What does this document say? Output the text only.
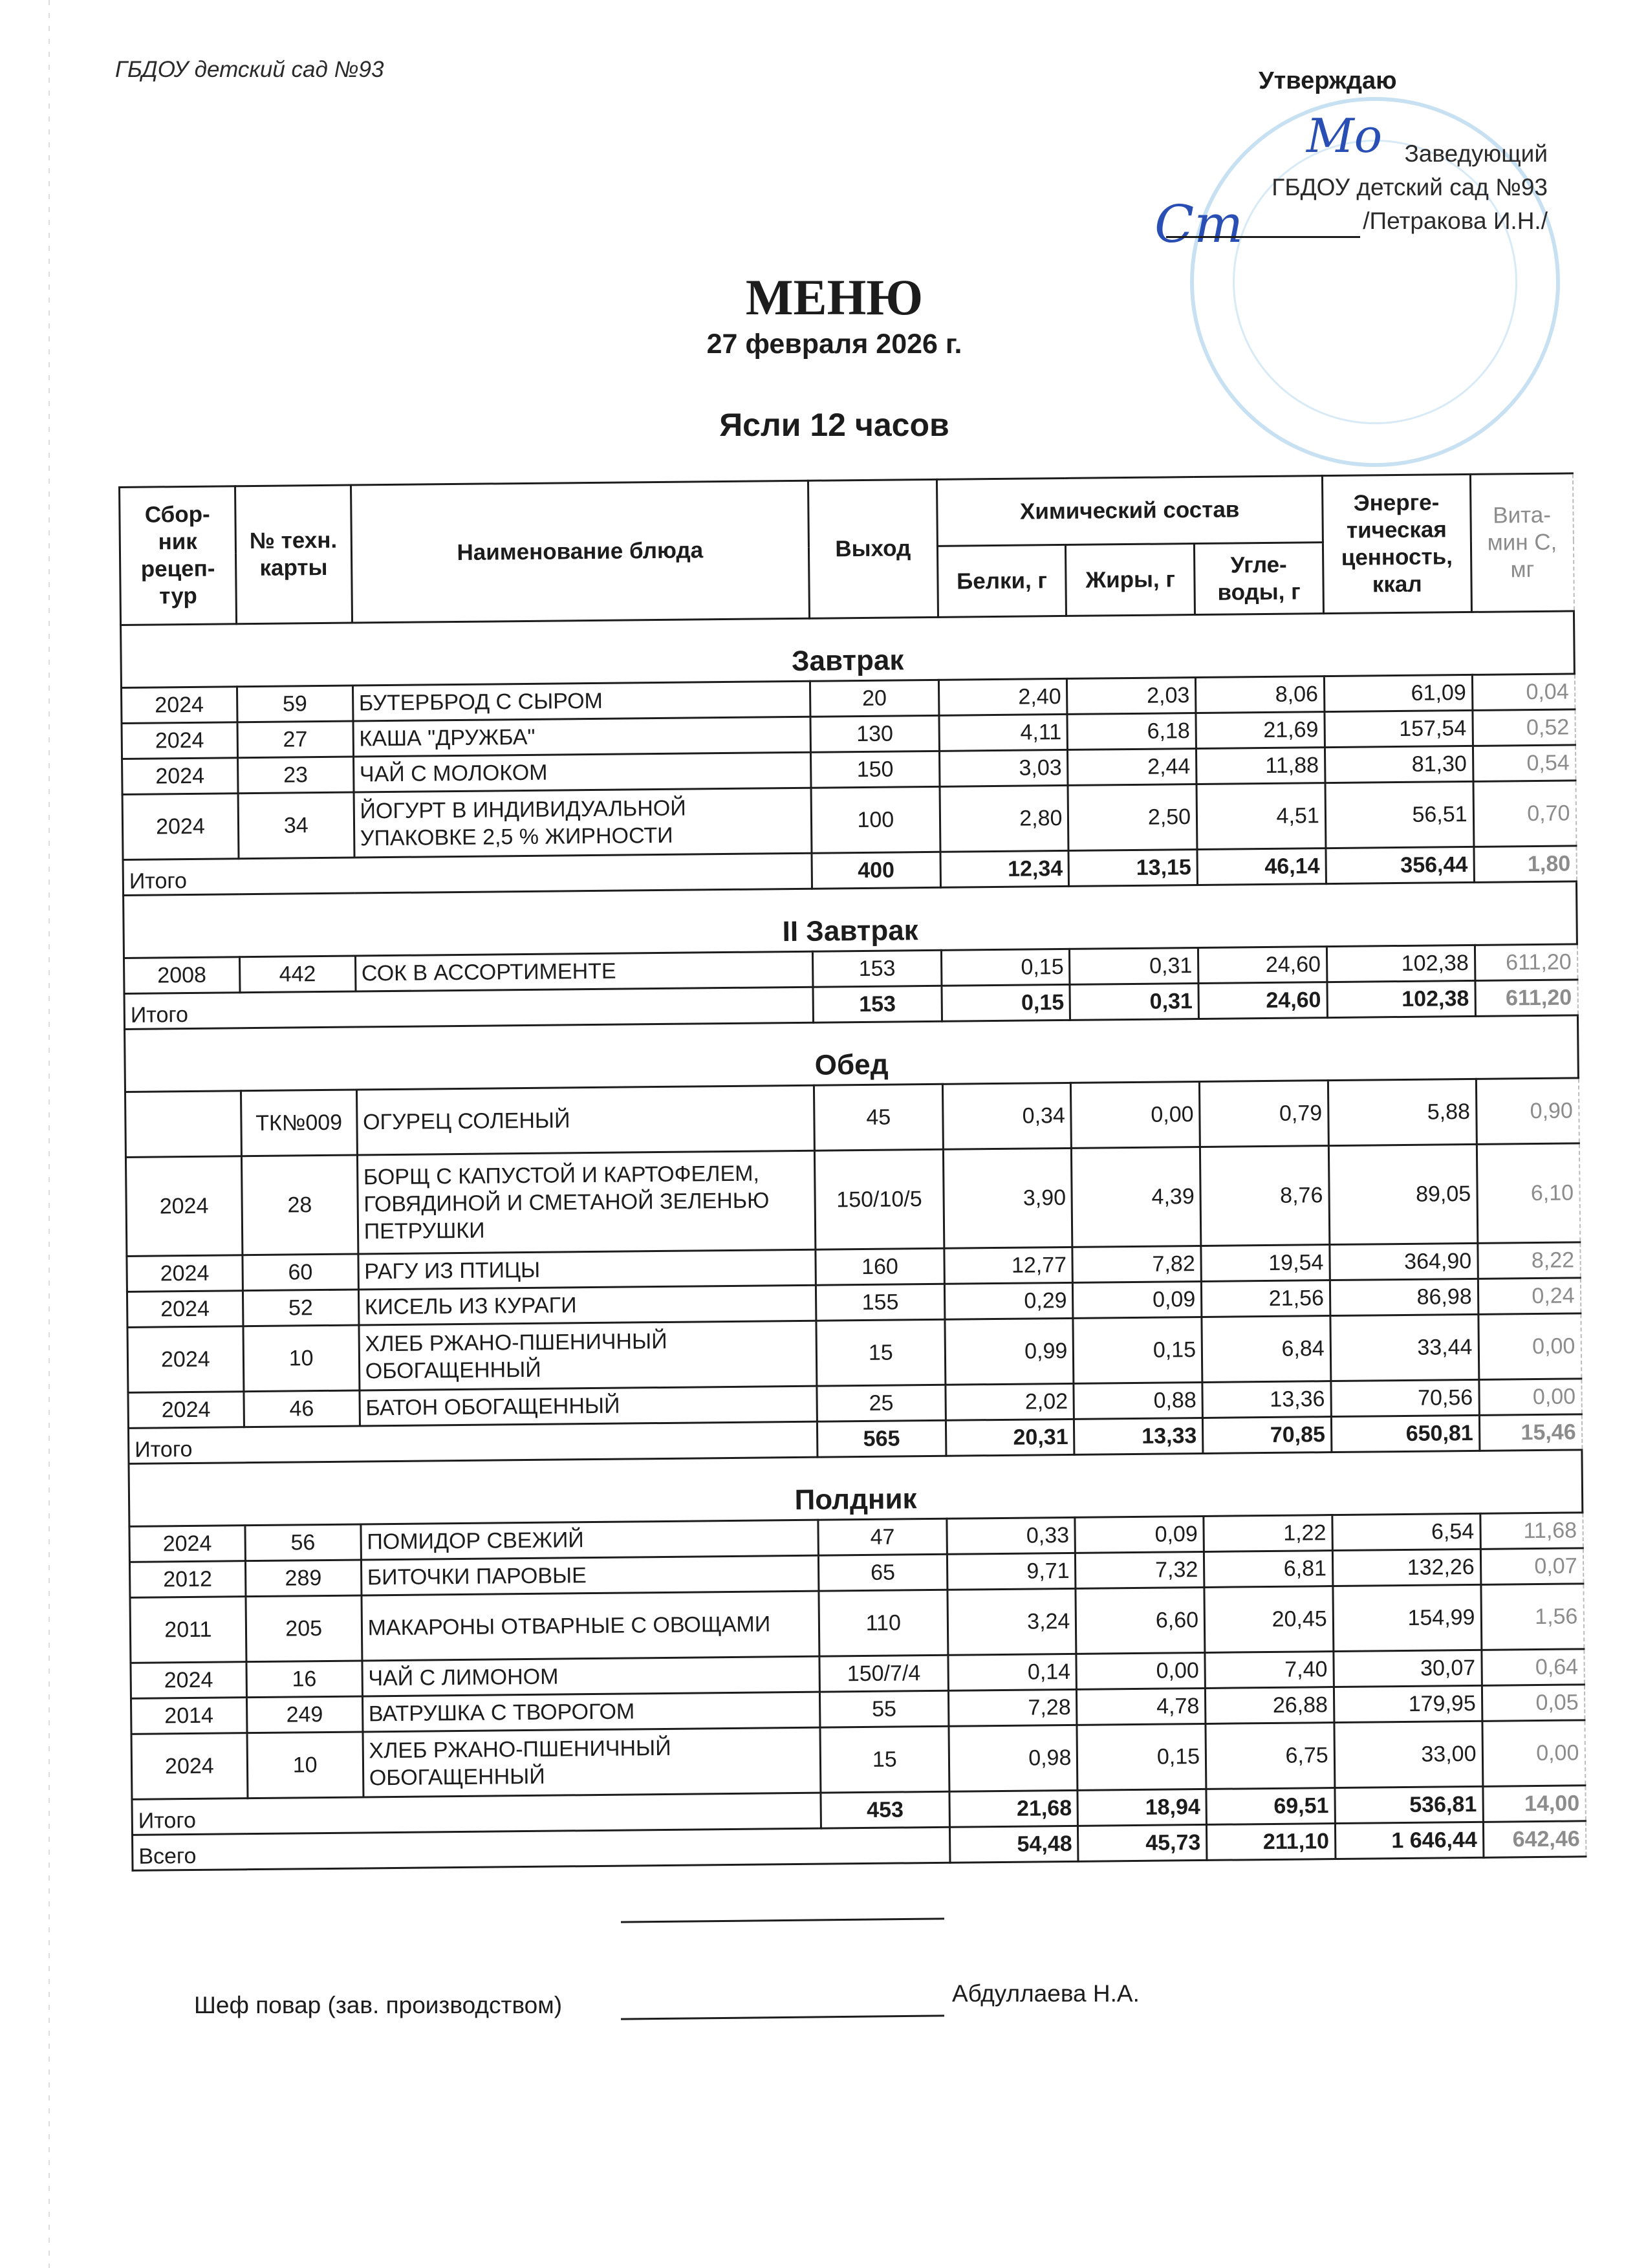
ГБДОУ детский сад №93	Утверждаю
Мо
Ст
Заведующий
ГБДОУ детский сад №93
/Петракова И.Н./
МЕНЮ
27 февраля 2026 г.
Ясли 12 часов
Сбор-ник рецеп-тур	№ техн. карты	Наименование блюда	Выход	Химический состав			Энерге-тическая ценность, ккал	Вита-мин С, мг
				Белки, г	Жиры, г	Угле-воды, г		
Завтрак								
2024	59	БУТЕРБРОД С СЫРОМ	20	2,40	2,03	8,06	61,09	0,04
2024	27	КАША "ДРУЖБА"	130	4,11	6,18	21,69	157,54	0,52
2024	23	ЧАЙ С МОЛОКОМ	150	3,03	2,44	11,88	81,30	0,54
2024	34	ЙОГУРТ В ИНДИВИДУАЛЬНОЙ УПАКОВКЕ 2,5 % ЖИРНОСТИ	100	2,80	2,50	4,51	56,51	0,70
Итого			400	12,34	13,15	46,14	356,44	1,80
II Завтрак								
2008	442	СОК В АССОРТИМЕНТЕ	153	0,15	0,31	24,60	102,38	611,20
Итого			153	0,15	0,31	24,60	102,38	611,20
Обед								
	ТК№009	ОГУРЕЦ СОЛЕНЫЙ	45	0,34	0,00	0,79	5,88	0,90
2024	28	БОРЩ С КАПУСТОЙ И КАРТОФЕЛЕМ, ГОВЯДИНОЙ И СМЕТАНОЙ ЗЕЛЕНЬЮ ПЕТРУШКИ	150/10/5	3,90	4,39	8,76	89,05	6,10
2024	60	РАГУ ИЗ ПТИЦЫ	160	12,77	7,82	19,54	364,90	8,22
2024	52	КИСЕЛЬ ИЗ КУРАГИ	155	0,29	0,09	21,56	86,98	0,24
2024	10	ХЛЕБ РЖАНО-ПШЕНИЧНЫЙ ОБОГАЩЕННЫЙ	15	0,99	0,15	6,84	33,44	0,00
2024	46	БАТОН ОБОГАЩЕННЫЙ	25	2,02	0,88	13,36	70,56	0,00
Итого			565	20,31	13,33	70,85	650,81	15,46
Полдник								
2024	56	ПОМИДОР СВЕЖИЙ	47	0,33	0,09	1,22	6,54	11,68
2012	289	БИТОЧКИ ПАРОВЫЕ	65	9,71	7,32	6,81	132,26	0,07
2011	205	МАКАРОНЫ ОТВАРНЫЕ С ОВОЩАМИ	110	3,24	6,60	20,45	154,99	1,56
2024	16	ЧАЙ С ЛИМОНОМ	150/7/4	0,14	0,00	7,40	30,07	0,64
2014	249	ВАТРУШКА С ТВОРОГОМ	55	7,28	4,78	26,88	179,95	0,05
2024	10	ХЛЕБ РЖАНО-ПШЕНИЧНЫЙ ОБОГАЩЕННЫЙ	15	0,98	0,15	6,75	33,00	0,00
Итого			453	21,68	18,94	69,51	536,81	14,00
Всего				54,48	45,73	211,10	1 646,44	642,46
Шеф повар (зав. производством)	Абдуллаева Н.А.
